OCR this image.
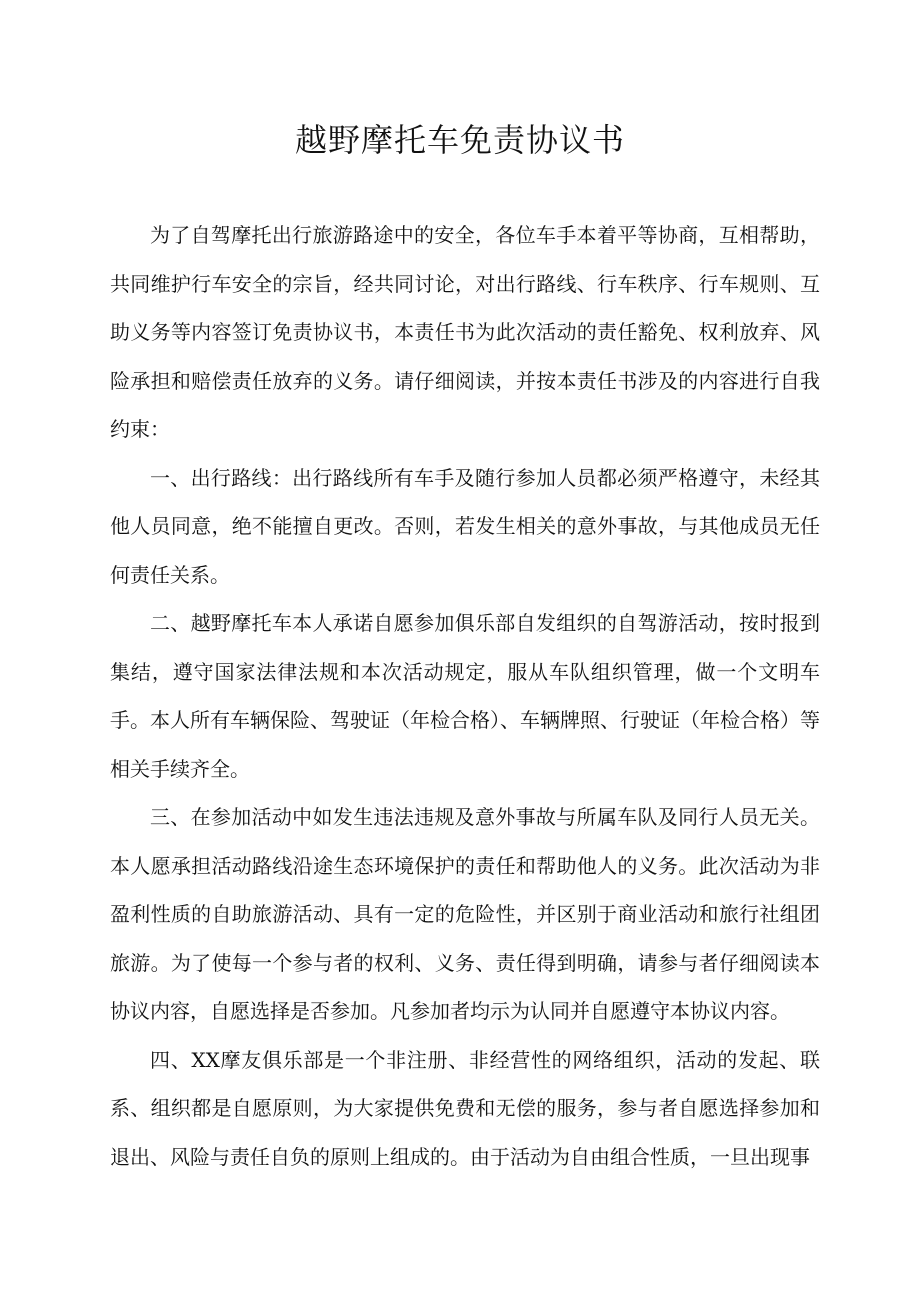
越野摩托车免责协议书

为了自驾摩托出行旅游路途中的安全，各位车手本着平等协商，互相帮助，共同维护行车安全的宗旨，经共同讨论，对出行路线、行车秩序、行车规则、互助义务等内容签订免责协议书，本责任书为此次活动的责任豁免、权利放弃、风险承担和赔偿责任放弃的义务。请仔细阅读，并按本责任书涉及的内容进行自我约束：

一、出行路线：出行路线所有车手及随行参加人员都必须严格遵守，未经其他人员同意，绝不能擅自更改。否则，若发生相关的意外事故，与其他成员无任何责任关系。

二、越野摩托车本人承诺自愿参加俱乐部自发组织的自驾游活动，按时报到集结，遵守国家法律法规和本次活动规定，服从车队组织管理，做一个文明车手。本人所有车辆保险、驾驶证（年检合格）、车辆牌照、行驶证（年检合格）等相关手续齐全。

三、在参加活动中如发生违法违规及意外事故与所属车队及同行人员无关。本人愿承担活动路线沿途生态环境保护的责任和帮助他人的义务。此次活动为非盈利性质的自助旅游活动、具有一定的危险性，并区别于商业活动和旅行社组团旅游。为了使每一个参与者的权利、义务、责任得到明确，请参与者仔细阅读本协议内容，自愿选择是否参加。凡参加者均示为认同并自愿遵守本协议内容。

四、XX摩友俱乐部是一个非注册、非经营性的网络组织，活动的发起、联系、组织都是自愿原则，为大家提供免费和无偿的服务，参与者自愿选择参加和退出、风险与责任自负的原则上组成的。由于活动为自由组合性质，一旦出现事
